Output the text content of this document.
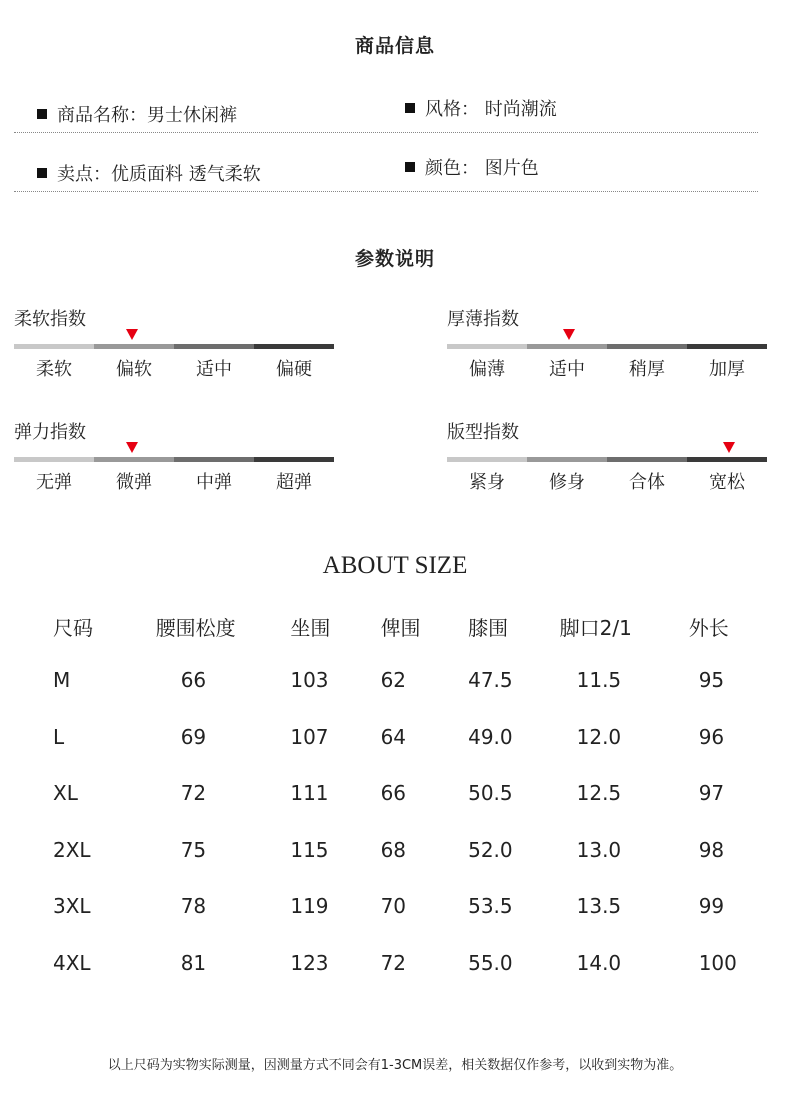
商品信息
商品名称：男士休闲裤	风格： 时尚潮流
卖点：优质面料 透气柔软	颜色： 图片色
参数说明
柔软指数
柔软	偏软	适中	偏硬
厚薄指数
偏薄	适中	稍厚	加厚
弹力指数
无弹	微弹	中弹	超弹
版型指数
紧身	修身	合体	宽松
ABOUT SIZE
尺码	腰围松度	坐围	俾围	膝围	脚口2/1	外长
M	66	103	62	47.5	11.5	95
L	69	107	64	49.0	12.0	96
XL	72	111	66	50.5	12.5	97
2XL	75	115	68	52.0	13.0	98
3XL	78	119	70	53.5	13.5	99
4XL	81	123	72	55.0	14.0	100
以上尺码为实物实际测量，因测量方式不同会有1-3CM误差，相关数据仅作参考，以收到实物为准。
